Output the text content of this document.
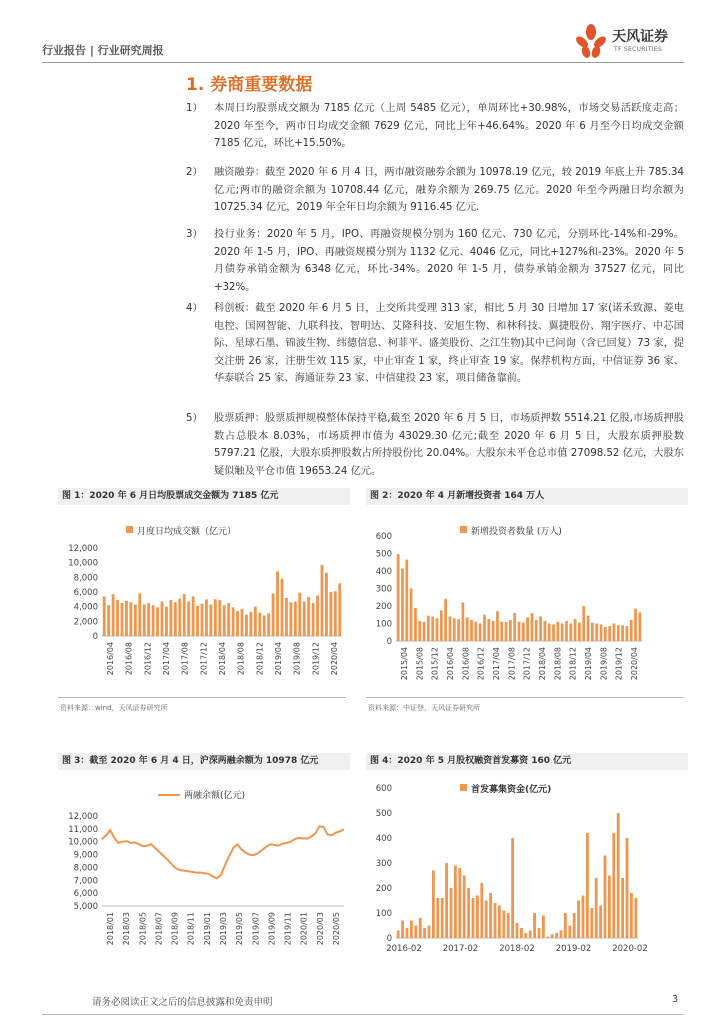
行业报告 | 行业研究周报
天风证券
TF SECURITIES
1. 券商重要数据
1） 本周日均股票成交额为 7185 亿元（上周 5485 亿元），单周环比+30.98%，市场交易活跃度走高；2020 年至今，两市日均成交金额 7629 亿元，同比上年+46.64%。2020 年 6 月至今日均成交金额 7185 亿元，环比+15.50%。
2） 融资融券：截至 2020 年 6 月 4 日，两市融资融券余额为 10978.19 亿元，较 2019 年底上升 785.34 亿元;两市的融资余额为 10708.44 亿元，融券余额为 269.75 亿元。2020 年至今两融日均余额为 10725.34 亿元，2019 年全年日均余额为 9116.45 亿元.
3） 投行业务：2020 年 5 月，IPO、再融资规模分别为 160 亿元、730 亿元，分别环比-14%和-29%。2020 年 1-5 月，IPO、再融资规模分别为 1132 亿元、4046 亿元，同比+127%和-23%。2020 年 5 月债券承销金额为 6348 亿元，环比-34%。2020 年 1-5 月，债券承销金额为 37527 亿元，同比+32%。
4） 科创板：截至 2020 年 6 月 5 日，上交所共受理 313 家，相比 5 月 30 日增加 17 家(诺禾致源、菱电电控、国网智能、九联科技、智明达、艾隆科技、安旭生物、和林科技、翼捷股份、翔宇医疗、中芯国际、星球石墨、锦波生物、纬德信息、柯菲平、盛美股份、之江生物)其中已问询（含已回复）73 家，提交注册 26 家，注册生效 115 家，中止审查 1 家，终止审查 19 家。保荐机构方面，中信证券 36 家、华泰联合 25 家、海通证券 23 家、中信建投 23 家，项目储备靠前。
5） 股票质押：股票质押规模整体保持平稳,截至 2020 年 6 月 5 日，市场质押数 5514.21 亿股,市场质押股数占总股本 8.03%，市场质押市值为 43029.30 亿元;截至 2020 年 6 月 5 日，大股东质押股数 5797.21 亿股，大股东质押股数占所持股份比 20.04%。大股东未平仓总市值 27098.52 亿元，大股东疑似触及平仓市值 19653.24 亿元。
图 1：2020 年 6 月日均股票成交金额为 7185 亿元	图 2：2020 年 4 月新增投资者 164 万人
月度日均成交额（亿元）
0
2,000
4,000
6,000
8,000
10,000
12,000
2016/04 2016/08 2016/12 2017/04 2017/08 2017/12 2018/04 2018/08 2018/12 2019/04 2019/08 2019/12 2020/04
新增投资者数量 (万人)
0
100
200
300
400
500
600
2015/04 2015/08 2015/12 2016/04 2016/08 2016/12 2017/04 2017/08 2017/12 2018/04 2018/08 2018/12 2019/04 2019/08 2019/12 2020/04
资料来源：wind，天风证券研究所	资料来源：中证登，天风证券研究所
图 3：截至 2020 年 6 月 4 日，沪深两融余额为 10978 亿元	图 4：2020 年 5 月股权融资首发募资 160 亿元
两融余额(亿元)
5,000
6,000
7,000
8,000
9,000
10,000
11,000
12,000
2018/01 2018/03 2018/05 2018/07 2018/09 2018/11 2019/01 2019/03 2019/05 2019/07 2019/09 2019/11 2020/01 2020/03 2020/05
首发募集资金(亿元)
0
100
200
300
400
500
600
2016-02 2017-02 2018-02 2019-02 2020-02
请务必阅读正文之后的信息披露和免责申明	3
